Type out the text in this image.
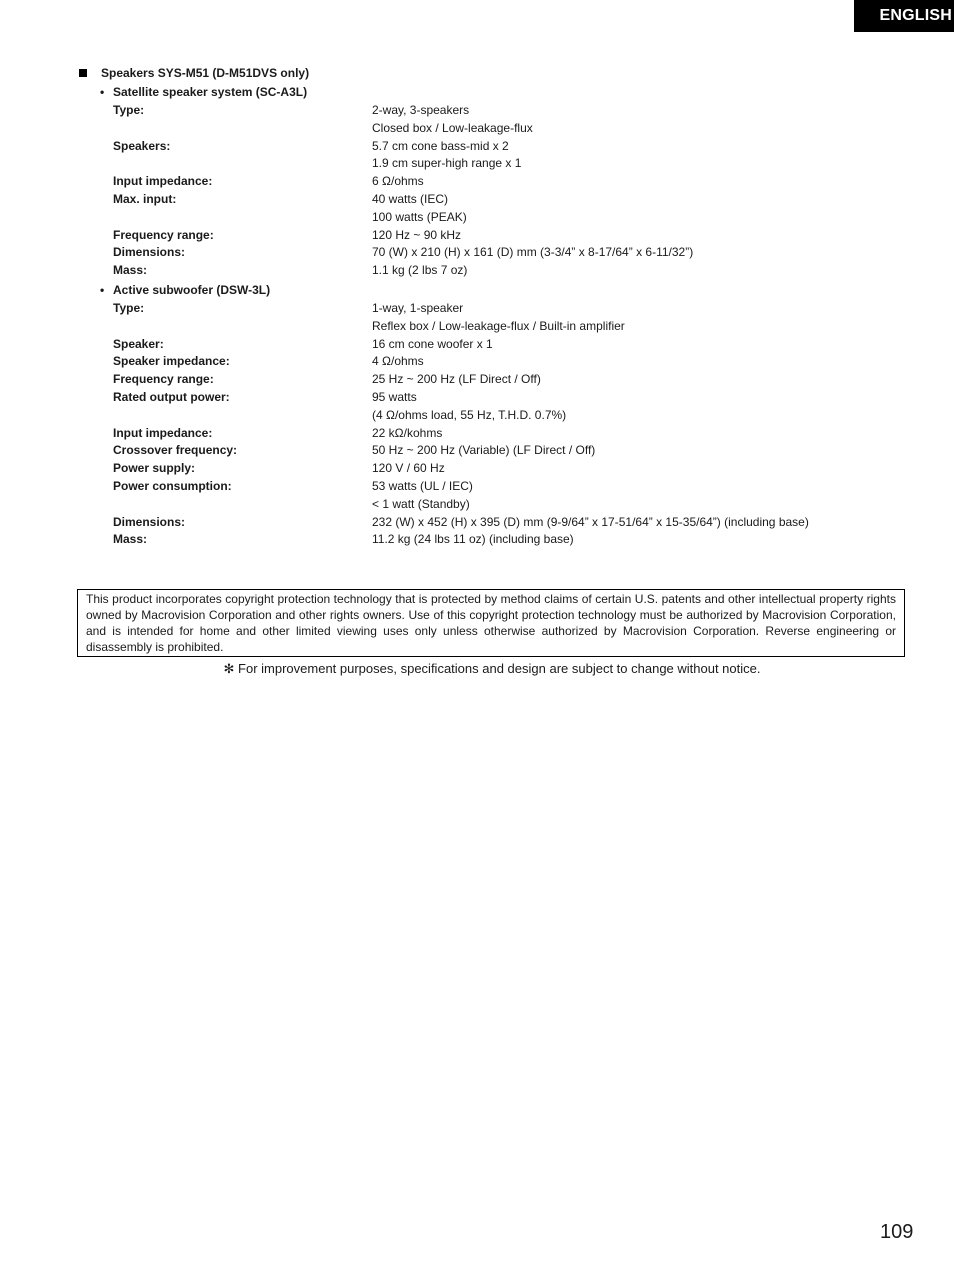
ENGLISH
Speakers SYS-M51 (D-M51DVS only)
• Satellite speaker system (SC-A3L)
Type:	2-way, 3-speakers
Closed box / Low-leakage-flux
Speakers:	5.7 cm cone bass-mid x 2
1.9 cm super-high range x 1
Input impedance:	6 Ω/ohms
Max. input:	40 watts (IEC)
100 watts (PEAK)
Frequency range:	120 Hz ~ 90 kHz
Dimensions:	70 (W) x 210 (H) x 161 (D) mm (3-3/4” x 8-17/64” x 6-11/32”)
Mass:	1.1 kg (2 lbs 7 oz)
• Active subwoofer (DSW-3L)
Type:	1-way, 1-speaker
Reflex box / Low-leakage-flux / Built-in amplifier
Speaker:	16 cm cone woofer x 1
Speaker impedance:	4 Ω/ohms
Frequency range:	25 Hz ~ 200 Hz (LF Direct / Off)
Rated output power:	95 watts
(4 Ω/ohms load, 55 Hz, T.H.D. 0.7%)
Input impedance:	22 kΩ/kohms
Crossover frequency:	50 Hz ~ 200 Hz (Variable) (LF Direct / Off)
Power supply:	120 V / 60 Hz
Power consumption:	53 watts (UL / IEC)
< 1 watt (Standby)
Dimensions:	232 (W) x 452 (H) x 395 (D) mm (9-9/64” x 17-51/64” x 15-35/64”) (including base)
Mass:	11.2 kg (24 lbs 11 oz) (including base)
This product incorporates copyright protection technology that is protected by method claims of certain U.S. patents and other intellectual property rights owned by Macrovision Corporation and other rights owners. Use of this copyright protection technology must be authorized by Macrovision Corporation, and is intended for home and other limited viewing uses only unless otherwise authorized by Macrovision Corporation. Reverse engineering or disassembly is prohibited.
✻ For improvement purposes, specifications and design are subject to change without notice.
109
